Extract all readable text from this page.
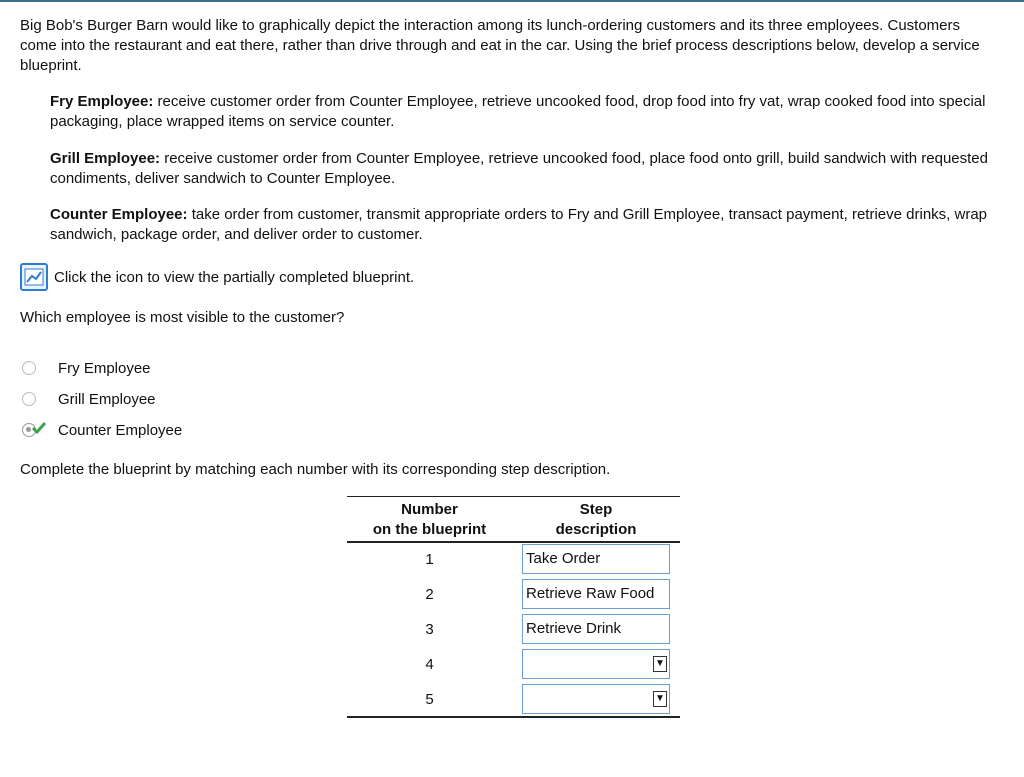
Big Bob's Burger Barn would like to graphically depict the interaction among its lunch-ordering customers and its three employees. Customers come into the restaurant and eat there, rather than drive through and eat in the car. Using the brief process descriptions below, develop a service blueprint.
Fry Employee: receive customer order from Counter Employee, retrieve uncooked food, drop food into fry vat, wrap cooked food into special packaging, place wrapped items on service counter.
Grill Employee: receive customer order from Counter Employee, retrieve uncooked food, place food onto grill, build sandwich with requested condiments, deliver sandwich to Counter Employee.
Counter Employee: take order from customer, transmit appropriate orders to Fry and Grill Employee, transact payment, retrieve drinks, wrap sandwich, package order, and deliver order to customer.
Click the icon to view the partially completed blueprint.
Which employee is most visible to the customer?
Fry Employee
Grill Employee
Counter Employee
Complete the blueprint by matching each number with its corresponding step description.
Number
on the blueprint
Step
description
1	Take Order
2	Retrieve Raw Food
3	Retrieve Drink
4	▼
5	▼
